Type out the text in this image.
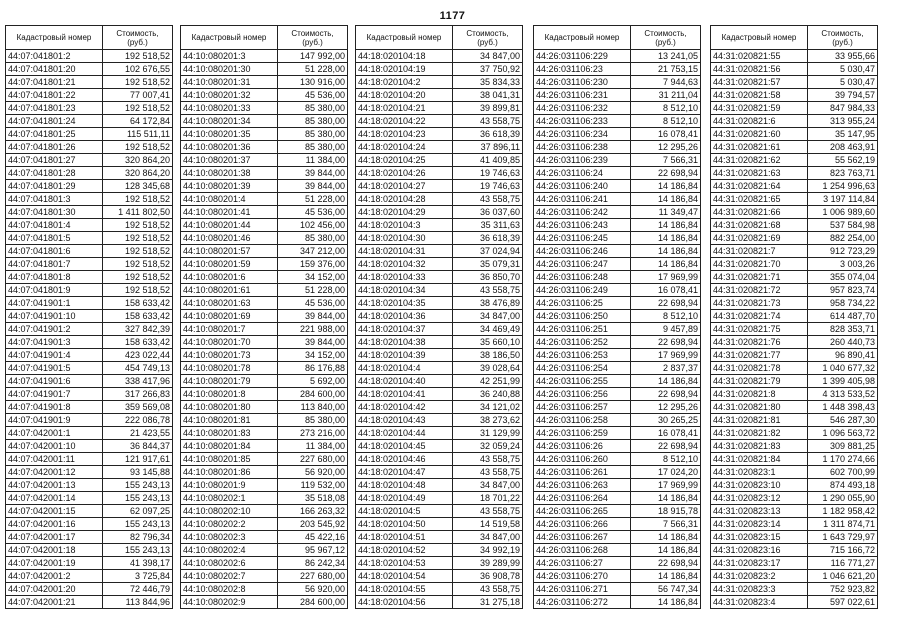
1177
Кадастровый номер	Стоимость, (руб.)
44:07:041801:2	192 518,52
44:07:041801:20	102 676,55
44:07:041801:21	192 518,52
44:07:041801:22	77 007,41
44:07:041801:23	192 518,52
44:07:041801:24	64 172,84
44:07:041801:25	115 511,11
44:07:041801:26	192 518,52
44:07:041801:27	320 864,20
44:07:041801:28	320 864,20
44:07:041801:29	128 345,68
44:07:041801:3	192 518,52
44:07:041801:30	1 411 802,50
44:07:041801:4	192 518,52
44:07:041801:5	192 518,52
44:07:041801:6	192 518,52
44:07:041801:7	192 518,52
44:07:041801:8	192 518,52
44:07:041801:9	192 518,52
44:07:041901:1	158 633,42
44:07:041901:10	158 633,42
44:07:041901:2	327 842,39
44:07:041901:3	158 633,42
44:07:041901:4	423 022,44
44:07:041901:5	454 749,13
44:07:041901:6	338 417,96
44:07:041901:7	317 266,83
44:07:041901:8	359 569,08
44:07:041901:9	222 086,78
44:07:042001:1	21 423,55
44:07:042001:10	36 844,37
44:07:042001:11	121 917,61
44:07:042001:12	93 145,88
44:07:042001:13	155 243,13
44:07:042001:14	155 243,13
44:07:042001:15	62 097,25
44:07:042001:16	155 243,13
44:07:042001:17	82 796,34
44:07:042001:18	155 243,13
44:07:042001:19	41 398,17
44:07:042001:2	3 725,84
44:07:042001:20	72 446,79
44:07:042001:21	113 844,96
Кадастровый номер	Стоимость, (руб.)
44:10:080201:3	147 992,00
44:10:080201:30	51 228,00
44:10:080201:31	130 916,00
44:10:080201:32	45 536,00
44:10:080201:33	85 380,00
44:10:080201:34	85 380,00
44:10:080201:35	85 380,00
44:10:080201:36	85 380,00
44:10:080201:37	11 384,00
44:10:080201:38	39 844,00
44:10:080201:39	39 844,00
44:10:080201:4	51 228,00
44:10:080201:41	45 536,00
44:10:080201:44	102 456,00
44:10:080201:46	85 380,00
44:10:080201:57	347 212,00
44:10:080201:59	159 376,00
44:10:080201:6	34 152,00
44:10:080201:61	51 228,00
44:10:080201:63	45 536,00
44:10:080201:69	39 844,00
44:10:080201:7	221 988,00
44:10:080201:70	39 844,00
44:10:080201:73	34 152,00
44:10:080201:78	86 176,88
44:10:080201:79	5 692,00
44:10:080201:8	284 600,00
44:10:080201:80	113 840,00
44:10:080201:81	85 380,00
44:10:080201:83	273 216,00
44:10:080201:84	11 384,00
44:10:080201:85	227 680,00
44:10:080201:86	56 920,00
44:10:080201:9	119 532,00
44:10:080202:1	35 518,08
44:10:080202:10	166 263,32
44:10:080202:2	203 545,92
44:10:080202:3	45 422,16
44:10:080202:4	95 967,12
44:10:080202:6	86 242,34
44:10:080202:7	227 680,00
44:10:080202:8	56 920,00
44:10:080202:9	284 600,00
Кадастровый номер	Стоимость, (руб.)
44:18:020104:18	34 847,00
44:18:020104:19	37 750,92
44:18:020104:2	35 834,33
44:18:020104:20	38 041,31
44:18:020104:21	39 899,81
44:18:020104:22	43 558,75
44:18:020104:23	36 618,39
44:18:020104:24	37 896,11
44:18:020104:25	41 409,85
44:18:020104:26	19 746,63
44:18:020104:27	19 746,63
44:18:020104:28	43 558,75
44:18:020104:29	36 037,60
44:18:020104:3	35 311,63
44:18:020104:30	36 618,39
44:18:020104:31	37 024,94
44:18:020104:32	35 079,31
44:18:020104:33	36 850,70
44:18:020104:34	43 558,75
44:18:020104:35	38 476,89
44:18:020104:36	34 847,00
44:18:020104:37	34 469,49
44:18:020104:38	35 660,10
44:18:020104:39	38 186,50
44:18:020104:4	39 028,64
44:18:020104:40	42 251,99
44:18:020104:41	36 240,88
44:18:020104:42	34 121,02
44:18:020104:43	38 273,62
44:18:020104:44	31 129,99
44:18:020104:45	32 059,24
44:18:020104:46	43 558,75
44:18:020104:47	43 558,75
44:18:020104:48	34 847,00
44:18:020104:49	18 701,22
44:18:020104:5	43 558,75
44:18:020104:50	14 519,58
44:18:020104:51	34 847,00
44:18:020104:52	34 992,19
44:18:020104:53	39 289,99
44:18:020104:54	36 908,78
44:18:020104:55	43 558,75
44:18:020104:56	31 275,18
Кадастровый номер	Стоимость, (руб.)
44:26:031106:229	13 241,05
44:26:031106:23	21 753,15
44:26:031106:230	7 944,63
44:26:031106:231	31 211,04
44:26:031106:232	8 512,10
44:26:031106:233	8 512,10
44:26:031106:234	16 078,41
44:26:031106:238	12 295,26
44:26:031106:239	7 566,31
44:26:031106:24	22 698,94
44:26:031106:240	14 186,84
44:26:031106:241	14 186,84
44:26:031106:242	11 349,47
44:26:031106:243	14 186,84
44:26:031106:245	14 186,84
44:26:031106:246	14 186,84
44:26:031106:247	14 186,84
44:26:031106:248	17 969,99
44:26:031106:249	16 078,41
44:26:031106:25	22 698,94
44:26:031106:250	8 512,10
44:26:031106:251	9 457,89
44:26:031106:252	22 698,94
44:26:031106:253	17 969,99
44:26:031106:254	2 837,37
44:26:031106:255	14 186,84
44:26:031106:256	22 698,94
44:26:031106:257	12 295,26
44:26:031106:258	30 265,25
44:26:031106:259	16 078,41
44:26:031106:26	22 698,94
44:26:031106:260	8 512,10
44:26:031106:261	17 024,20
44:26:031106:263	17 969,99
44:26:031106:264	14 186,84
44:26:031106:265	18 915,78
44:26:031106:266	7 566,31
44:26:031106:267	14 186,84
44:26:031106:268	14 186,84
44:26:031106:27	22 698,94
44:26:031106:270	14 186,84
44:26:031106:271	56 747,34
44:26:031106:272	14 186,84
Кадастровый номер	Стоимость, (руб.)
44:31:020821:55	33 955,66
44:31:020821:56	5 030,47
44:31:020821:57	5 030,47
44:31:020821:58	39 794,57
44:31:020821:59	847 984,33
44:31:020821:6	313 955,24
44:31:020821:60	35 147,95
44:31:020821:61	208 463,91
44:31:020821:62	55 562,19
44:31:020821:63	823 763,71
44:31:020821:64	1 254 996,63
44:31:020821:65	3 197 114,84
44:31:020821:66	1 006 989,60
44:31:020821:68	537 584,98
44:31:020821:69	882 254,00
44:31:020821:7	912 723,29
44:31:020821:70	3 003,26
44:31:020821:71	355 074,04
44:31:020821:72	957 823,74
44:31:020821:73	958 734,22
44:31:020821:74	614 487,70
44:31:020821:75	828 353,71
44:31:020821:76	260 440,73
44:31:020821:77	96 890,41
44:31:020821:78	1 040 677,32
44:31:020821:79	1 399 405,98
44:31:020821:8	4 313 533,52
44:31:020821:80	1 448 398,43
44:31:020821:81	546 287,30
44:31:020821:82	1 096 563,72
44:31:020821:83	309 881,25
44:31:020821:84	1 170 274,66
44:31:020823:1	602 700,99
44:31:020823:10	874 493,18
44:31:020823:12	1 290 055,90
44:31:020823:13	1 182 958,42
44:31:020823:14	1 311 874,71
44:31:020823:15	1 643 729,97
44:31:020823:16	715 166,72
44:31:020823:17	116 771,27
44:31:020823:2	1 046 621,20
44:31:020823:3	752 923,82
44:31:020823:4	597 022,61
